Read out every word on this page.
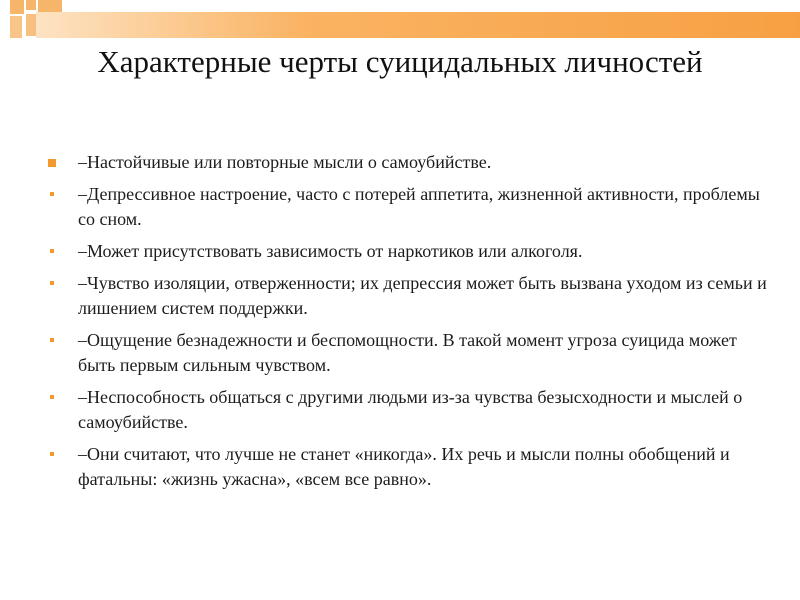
Характерные черты суицидальных личностей
–Настойчивые или повторные мысли о самоубийстве.
–Депрессивное настроение, часто с потерей аппетита, жизненной активности, проблемы со сном.
–Может присутствовать зависимость от наркотиков или алкоголя.
–Чувство изоляции, отверженности; их депрессия может быть вызвана уходом из семьи и лишением систем поддержки.
–Ощущение безнадежности и беспомощности. В такой момент угроза суицида может быть первым сильным чувством.
–Неспособность общаться с другими людьми из-за чувства безысходности и мыслей о самоубийстве.
–Они считают, что лучше не станет «никогда». Их речь и мысли полны обобщений и фатальны: «жизнь ужасна», «всем все равно».
